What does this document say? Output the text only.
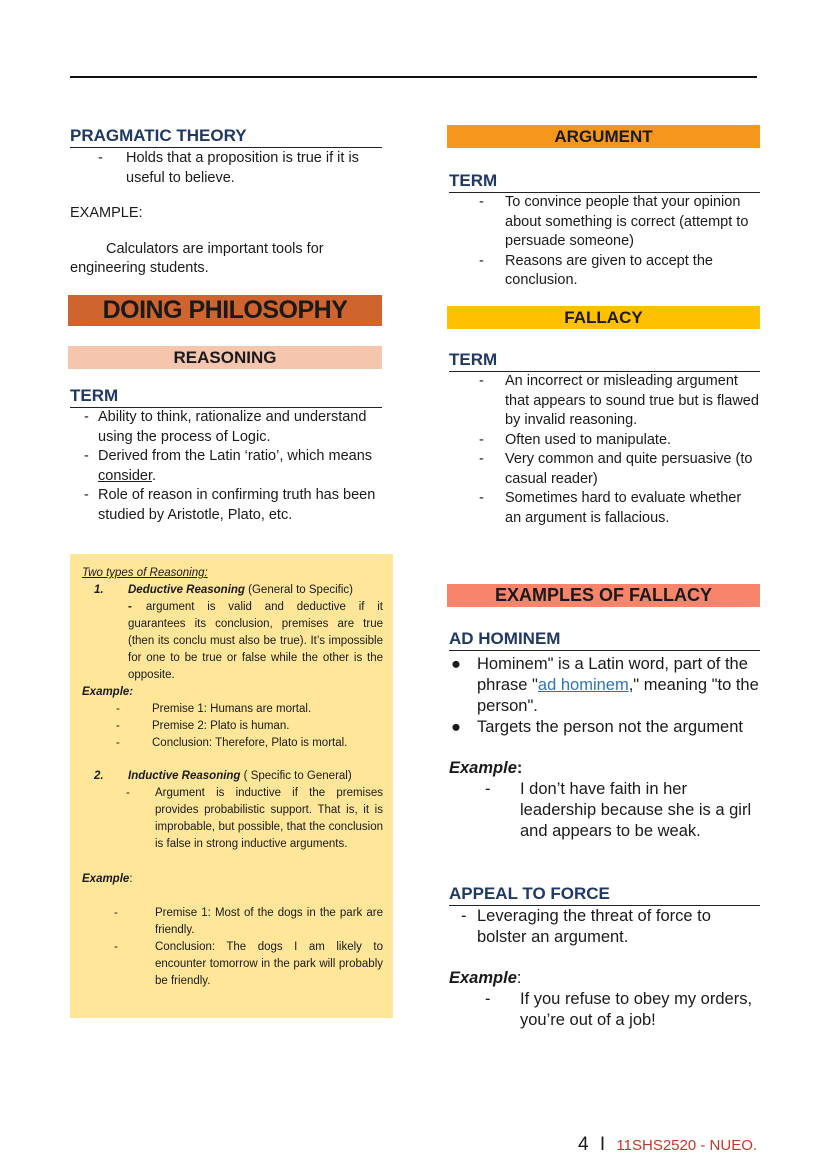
PRAGMATIC THEORY
- Holds that a proposition is true if it is useful to believe.
EXAMPLE:
Calculators are important tools for engineering students.
DOING PHILOSOPHY
REASONING
TERM
- Ability to think, rationalize and understand using the process of Logic.
- Derived from the Latin ‘ratio’, which means consider.
- Role of reason in confirming truth has been studied by Aristotle, Plato, etc.
Two types of Reasoning:
1. Deductive Reasoning (General to Specific)
- argument is valid and deductive if it guarantees its conclusion, premises are true (then its conclu must also be true). It’s impossible for one to be true or false while the other is the opposite.
Example:
-	Premise 1: Humans are mortal.
-	Premise 2: Plato is human.
-	Conclusion: Therefore, Plato is mortal.
2. Inductive Reasoning ( Specific to General)
- Argument is inductive if the premises provides probabilistic support. That is, it is improbable, but possible, that the conclusion is false in strong inductive arguments.
Example:
-	Premise 1: Most of the dogs in the park are friendly.
-	Conclusion: The dogs I am likely to encounter tomorrow in the park will probably be friendly.
ARGUMENT
TERM
- To convince people that your opinion about something is correct (attempt to persuade someone)
- Reasons are given to accept the conclusion.
FALLACY
TERM
- An incorrect or misleading argument that appears to sound true but is flawed by invalid reasoning.
- Often used to manipulate.
- Very common and quite persuasive (to casual reader)
- Sometimes hard to evaluate whether an argument is fallacious.
EXAMPLES OF FALLACY
AD HOMINEM
● Hominem" is a Latin word, part of the phrase "ad hominem," meaning "to the person".
● Targets the person not the argument
Example:
- I don’t have faith in her leadership because she is a girl and appears to be weak.
APPEAL TO FORCE
- Leveraging the threat of force to bolster an argument.
Example:
- If you refuse to obey my orders, you’re out of a job!
4 I 11SHS2520 - NUEO.
